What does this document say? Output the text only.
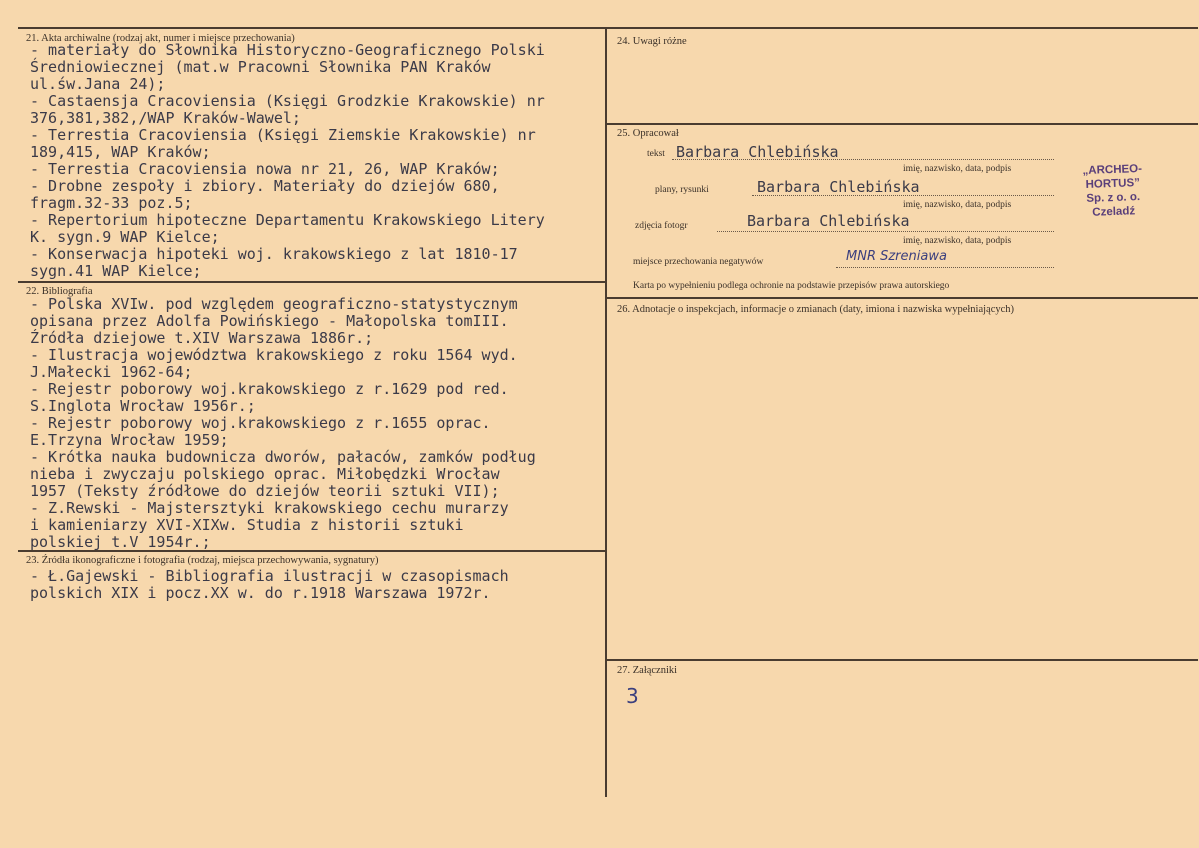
21. Akta archiwalne (rodzaj akt, numer i miejsce przechowania)
- materiały do Słownika Historyczno-Geograficznego Polski
Średniowiecznej (mat.w Pracowni Słownika PAN Kraków
ul.św.Jana 24);
- Castaensja Cracoviensia (Księgi Grodzkie Krakowskie) nr
376,381,382,/WAP Kraków-Wawel;
- Terrestia Cracoviensia (Księgi Ziemskie Krakowskie) nr
189,415, WAP Kraków;
- Terrestia Cracoviensia nowa nr 21, 26, WAP Kraków;
- Drobne zespoły i zbiory. Materiały do dziejów 680,
fragm.32-33 poz.5;
- Repertorium hipoteczne Departamentu Krakowskiego Litery
K. sygn.9 WAP Kielce;
- Konserwacja hipoteki woj. krakowskiego z lat 1810-17
sygn.41 WAP Kielce;
22. Bibliografia
- Polska XVIw. pod względem geograficzno-statystycznym
opisana przez Adolfa Powińskiego - Małopolska tomIII.
Źródła dziejowe t.XIV Warszawa 1886r.;
- Ilustracja województwa krakowskiego z roku 1564 wyd.
J.Małecki 1962-64;
- Rejestr poborowy woj.krakowskiego z r.1629 pod red.
S.Inglota Wrocław 1956r.;
- Rejestr poborowy woj.krakowskiego z r.1655 oprac.
E.Trzyna Wrocław 1959;
- Krótka nauka budownicza dworów, pałaców, zamków podług
nieba i zwyczaju polskiego oprac. Miłobędzki Wrocław
1957 (Teksty źródłowe do dziejów teorii sztuki VII);
- Z.Rewski - Majstersztyki krakowskiego cechu murarzy
i kamieniarzy XVI-XIXw. Studia z historii sztuki
polskiej t.V 1954r.;
23. Źródła ikonograficzne i fotografia (rodzaj, miejsca przechowywania, sygnatury)
- Ł.Gajewski - Bibliografia ilustracji w czasopismach
polskich XIX i pocz.XX w. do r.1918 Warszawa 1972r.
24. Uwagi różne
25. Opracował
tekst Barbara Chlebińska
imię, nazwisko, data, podpis
plany, rysunki	Barbara Chlebińska
imię, nazwisko, data, podpis
zdjęcia fotogr	Barbara Chlebińska
imię, nazwisko, data, podpis
miejsce przechowania negatywów	MNR Szreniawa
Karta po wypełnieniu podlega ochronie na podstawie przepisów prawa autorskiego
„ARCHEO-HORTUS”
Sp. z o. o.
Czeladź
26. Adnotacje o inspekcjach, informacje o zmianach (daty, imiona i nazwiska wypełniających)
27. Załączniki
3
